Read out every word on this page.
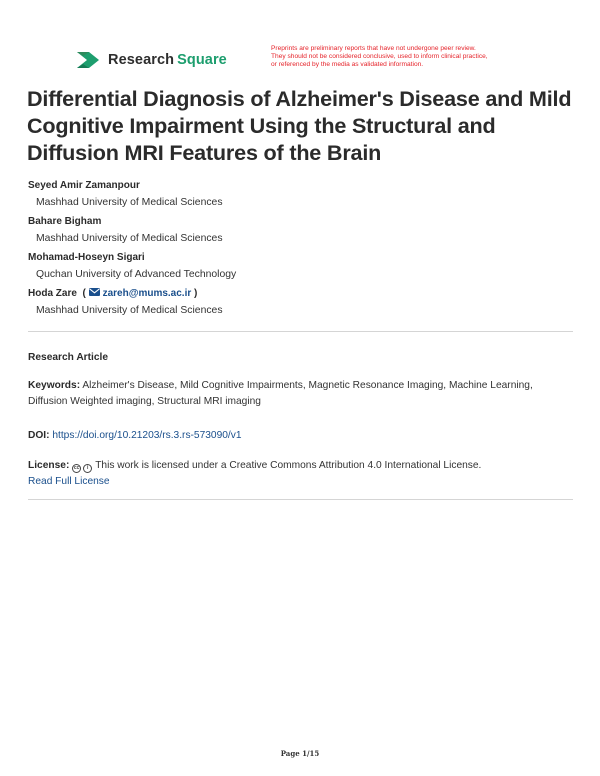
Research Square
Preprints are preliminary reports that have not undergone peer review.
They should not be considered conclusive, used to inform clinical practice,
or referenced by the media as validated information.
Differential Diagnosis of Alzheimer's Disease and Mild Cognitive Impairment Using the Structural and Diffusion MRI Features of the Brain
Seyed Amir Zamanpour
Mashhad University of Medical Sciences
Bahare Bigham
Mashhad University of Medical Sciences
Mohamad-Hoseyn Sigari
Quchan University of Advanced Technology
Hoda Zare  ( zareh@mums.ac.ir )
Mashhad University of Medical Sciences
Research Article
Keywords: Alzheimer's Disease, Mild Cognitive Impairments, Magnetic Resonance Imaging, Machine Learning, Diffusion Weighted imaging, Structural MRI imaging
DOI: https://doi.org/10.21203/rs.3.rs-573090/v1
License: cc	i This work is licensed under a Creative Commons Attribution 4.0 International License.
Read Full License
Page 1/15
